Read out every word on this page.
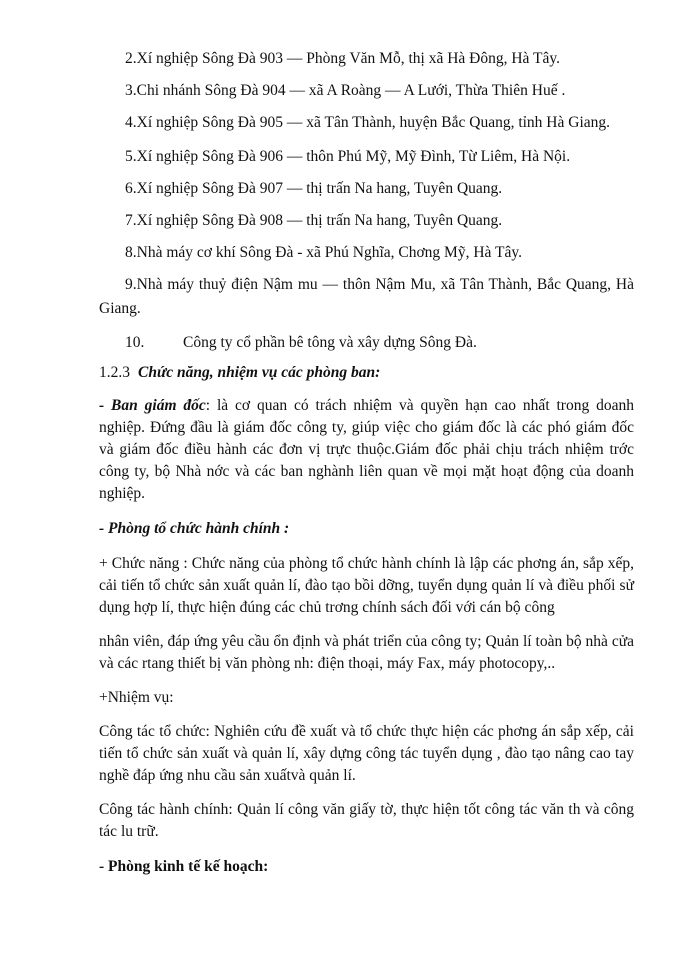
2.Xí nghiệp Sông Đà 903 — Phòng Văn Mỗ, thị xã Hà Đông, Hà Tây.

3.Chi nhánh Sông Đà 904 — xã A Roàng — A Lưới, Thừa Thiên Huế .

4.Xí nghiệp Sông Đà 905 — xã Tân Thành, huyện Bắc Quang, tỉnh Hà Giang.

5.Xí nghiệp Sông Đà 906 — thôn Phú Mỹ, Mỹ Đình, Từ Liêm, Hà Nội.

6.Xí nghiệp Sông Đà 907 — thị trấn Na hang, Tuyên Quang.

7.Xí nghiệp Sông Đà 908 — thị trấn Na hang, Tuyên Quang.

8.Nhà máy cơ khí Sông Đà - xã Phú Nghĩa, Chơng Mỹ, Hà Tây.

9.Nhà máy thuỷ điện Nậm mu — thôn Nậm Mu, xã Tân Thành, Bắc Quang, Hà Giang.

10. Công ty cổ phần bê tông và xây dựng Sông Đà.

1.2.3 Chức năng, nhiệm vụ các phòng ban:

- Ban giám đốc: là cơ quan có trách nhiệm và quyền hạn cao nhất trong doanh nghiệp. Đứng đầu là giám đốc công ty, giúp việc cho giám đốc là các phó giám đốc và giám đốc điều hành các đơn vị trực thuộc.Giám đốc phải chịu trách nhiệm trớc công ty, bộ Nhà nớc và các ban nghành liên quan về mọi mặt hoạt động của doanh nghiệp.

- Phòng tổ chức hành chính :

+ Chức năng : Chức năng của phòng tổ chức hành chính là lập các phơng án, sắp xếp, cải tiến tổ chức sản xuất quản lí, đào tạo bồi dỡng, tuyển dụng quản lí và điều phối sử dụng hợp lí, thực hiện đúng các chủ trơng chính sách đối với cán bộ công

nhân viên, đáp ứng yêu cầu ổn định và phát triển của công ty; Quản lí toàn bộ nhà cửa và các rtang thiết bị văn phòng nh: điện thoại, máy Fax, máy photocopy,..

+Nhiệm vụ:

Công tác tổ chức: Nghiên cứu đề xuất và tổ chức thực hiện các phơng án sắp xếp, cải tiến tổ chức sản xuất và quản lí, xây dựng công tác tuyển dụng , đào tạo nâng cao tay nghề đáp ứng nhu cầu sản xuấtvà quản lí.

Công tác hành chính: Quản lí công văn giấy tờ, thực hiện tốt công tác văn th và công tác lu trữ.

- Phòng kinh tế kế hoạch:
